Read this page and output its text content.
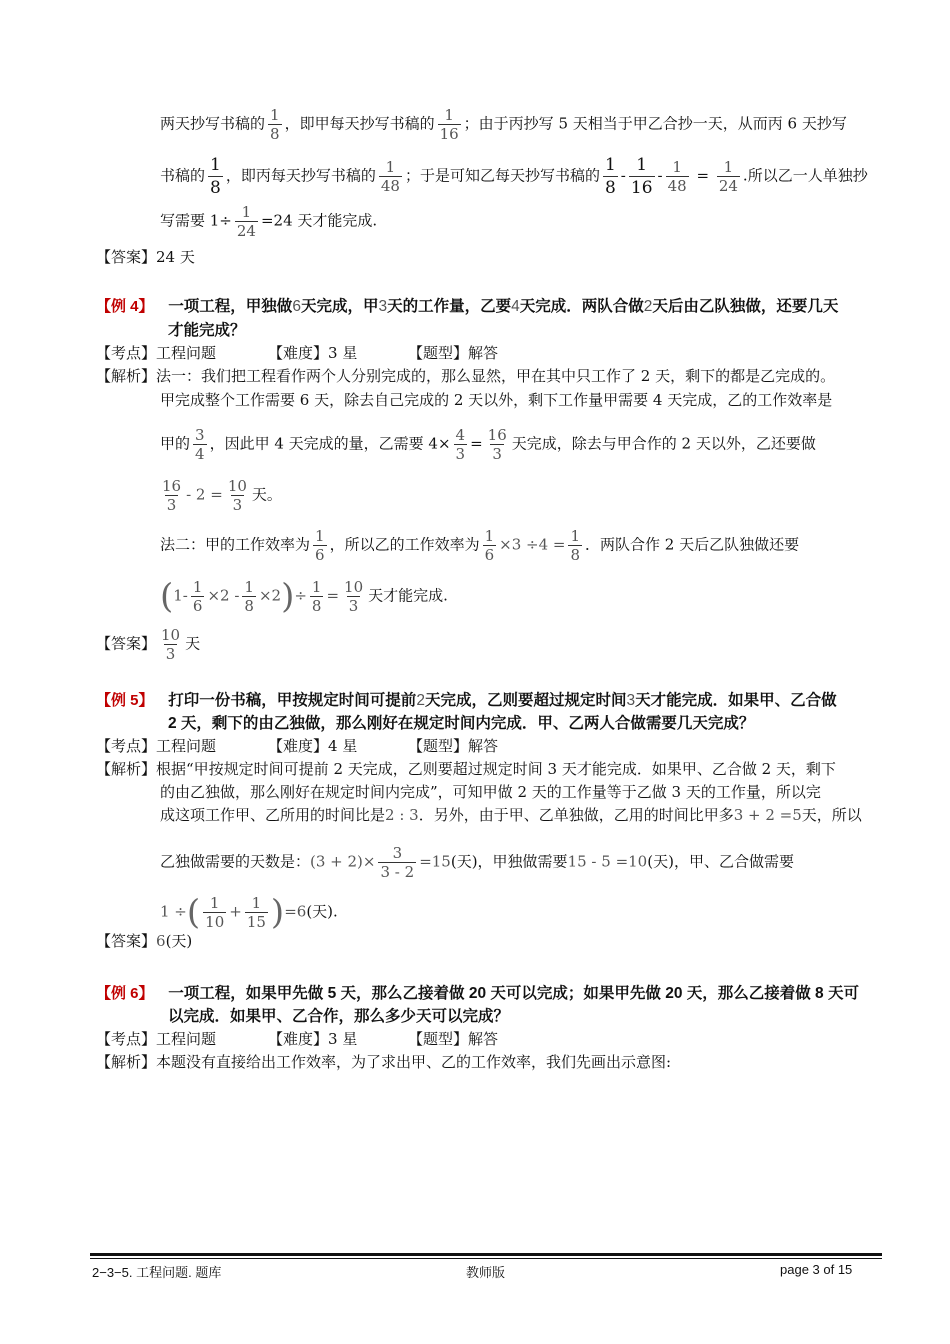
两天抄写书稿的 $\frac{1}{8}$ ，即甲每天抄写书稿的 $\frac{1}{16}$ ；由于丙抄写 5 天相当于甲乙合抄一天，从而丙 6 天抄写
书稿的 $\frac{1}{8}$ ，即丙每天抄写书稿的 $\frac{1}{48}$ ；于是可知乙每天抄写书稿的 $\frac{1}{8} - \frac{1}{16} - \frac{1}{48} = \frac{1}{24}$ .所以乙一人单独抄
写需要 $1\div \frac{1}{24} =24$ 天才能完成.
【答案】24 天
【例 4】 一项工程，甲独做6天完成，甲3天的工作量，乙要4天完成．两队合做2天后由乙队独做，还要几天
才能完成？
【考点】工程问题	【难度】3 星	【题型】解答
【解析】法一：我们把工程看作两个人分别完成的，那么显然，甲在其中只工作了 2 天，剩下的都是乙完成的。
甲完成整个工作需要 6 天，除去自己完成的 2 天以外，剩下工作量甲需要 4 天完成，乙的工作效率是
甲的 $\frac{3}{4}$ ，因此甲 4 天完成的量，乙需要 $4\times \frac{4}{3} = \frac{16}{3}$ 天完成，除去与甲合作的 2 天以外，乙还要做
$\frac{16}{3} - 2 = \frac{10}{3}$ 天。
法二：甲的工作效率为 $\frac{1}{6}$ ，所以乙的工作效率为 $\frac{1}{6} \times 3 \div 4 = \frac{1}{8}$ ．两队合作 2 天后乙队独做还要
$(1- \frac{1}{6} \times 2 - \frac{1}{8} \times 2)\div \frac{1}{8} = \frac{10}{3}$ 天才能完成.
【答案】 $\frac{10}{3}$ 天
【例 5】 打印一份书稿，甲按规定时间可提前2天完成，乙则要超过规定时间3天才能完成．如果甲、乙合做
2 天，剩下的由乙独做，那么刚好在规定时间内完成．甲、乙两人合做需要几天完成？
【考点】工程问题	【难度】4 星	【题型】解答
【解析】根据“甲按规定时间可提前 2 天完成，乙则要超过规定时间 3 天才能完成．如果甲、乙合做 2 天，剩下
的由乙独做，那么刚好在规定时间内完成”，可知甲做 2 天的工作量等于乙做 3 天的工作量，所以完
成这项工作甲、乙所用的时间比是2 : 3．另外，由于甲、乙单独做，乙用的时间比甲多3 + 2 =5天，所以
乙独做需要的天数是：$(3 + 2)\times \frac{3}{3 - 2} =15$(天)，甲独做需要15 - 5 =10(天)，甲、乙合做需要
1 ÷( $\frac{1}{10} + \frac{1}{15} )=6$(天).
【答案】6(天)
【例 6】 一项工程，如果甲先做 5 天，那么乙接着做 20 天可以完成；如果甲先做 20 天，那么乙接着做 8 天可
以完成．如果甲、乙合作，那么多少天可以完成？
【考点】工程问题	【难度】3 星	【题型】解答
【解析】本题没有直接给出工作效率，为了求出甲、乙的工作效率，我们先画出示意图:
2−3−5. 工程问题. 题库	教师版	page 3 of 15
